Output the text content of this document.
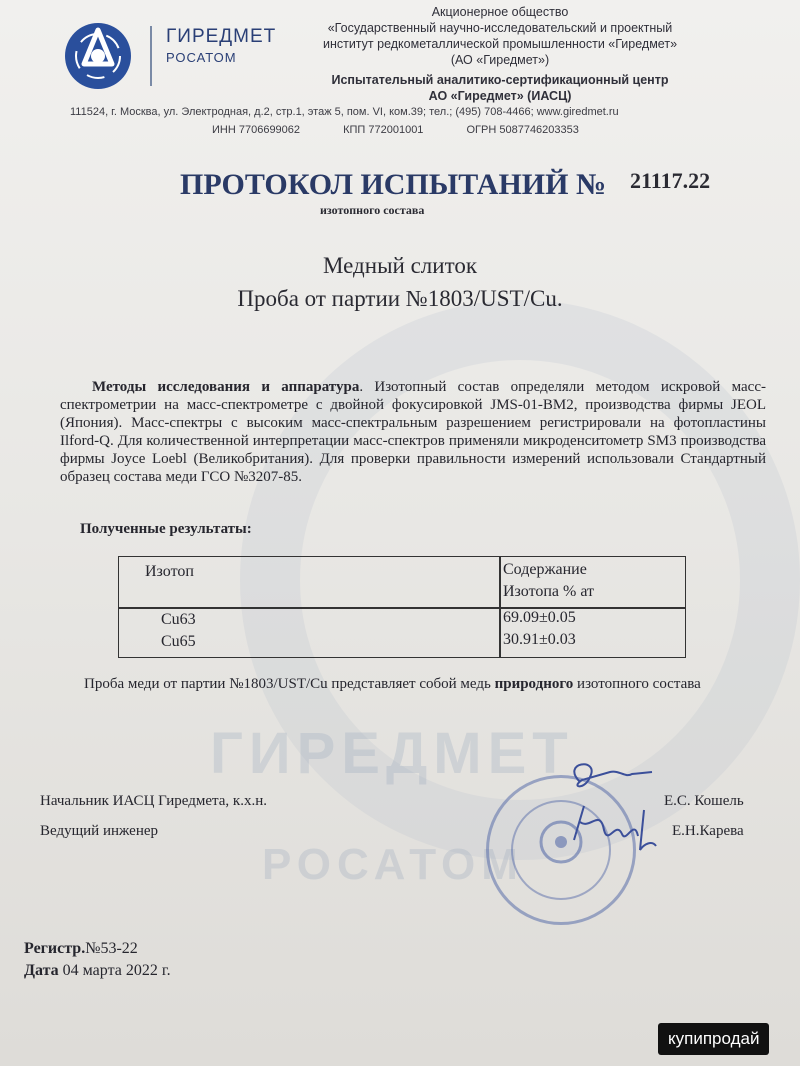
ГИРЕДМЕТ
РОСАТОМ
ГИРЕДМЕТ
РОСАТОМ
Акционерное общество
«Государственный научно-исследовательский и проектный
институт редкометаллической промышленности «Гиредмет»
(АО «Гиредмет»)
Испытательный аналитико-сертификационный центр
АО «Гиредмет» (ИАСЦ)
111524, г. Москва, ул. Электродная, д.2, стр.1, этаж 5, пом. VI, ком.39; тел.; (495) 708-4466; www.giredmet.ru
ИНН 7706699062	КПП 772001001	ОГРН 5087746203353
ПРОТОКОЛ ИСПЫТАНИЙ № 21117.22
изотопного состава
Медный слиток
Проба от партии №1803/UST/Cu.
Методы исследования и аппаратура. Изотопный состав определяли методом искровой масс-спектрометрии на масс-спектрометре с двойной фокусировкой JMS-01-BM2, производства фирмы JEOL (Япония). Масс-спектры с высоким масс-спектральным разрешением регистрировали на фотопластины Ilford-Q. Для количественной интерпретации масс-спектров применяли микроденситометр SM3 производства фирмы Joyce Loebl (Великобритания). Для проверки правильности измерений использовали Стандартный образец состава меди ГСО №3207-85.
Полученные результаты:
Изотоп	Содержание
Изотопа % ат
Cu63	69.09±0.05
Cu65	30.91±0.03
Проба меди от партии №1803/UST/Cu представляет собой медь природного изотопного состава
Начальник ИАСЦ Гиредмета, к.х.н.	Е.С. Кошель
Ведущий инженер	Е.Н.Карева
Регистр.№53-22
Дата 04 марта 2022 г.
купипродай
